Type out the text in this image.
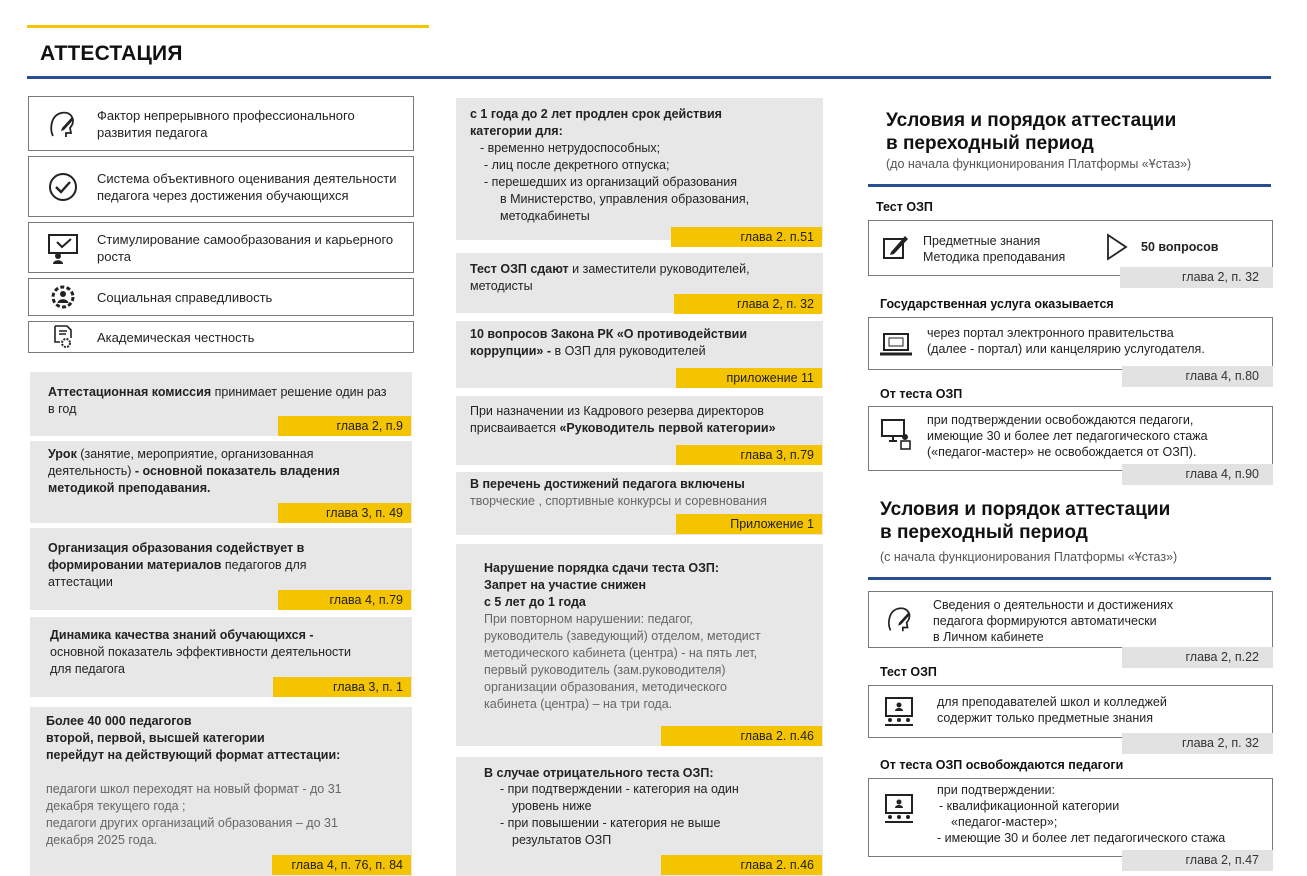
АТТЕСТАЦИЯ
Фактор непрерывного профессионального развития педагога
Система объективного оценивания деятельности педагога через достижения обучающихся
Стимулирование самообразования и карьерного роста
Социальная справедливость
Академическая честность
Аттестационная комиссия принимает решение один раз в год
глава 2, п.9
Урок (занятие, мероприятие, организованная деятельность) - основной показатель владения методикой преподавания.
глава 3, п. 49
Организация образования содействует в формировании материалов педагогов для аттестации
глава 4, п.79
Динамика качества знаний обучающихся - основной показатель эффективности деятельности для педагога
глава 3, п. 1
Более 40 000 педагогов
второй, первой, высшей категории
перейдут на действующий формат аттестации:
педагоги школ переходят на новый формат - до 31
декабря текущего года ;
педагоги других организаций образования – до 31
декабря 2025 года.
глава 4, п. 76, п. 84
с 1 года до 2 лет продлен срок действия
категории для:
- временно нетрудоспособных;
- лиц после декретного отпуска;
- перешедших из организаций образования
в Министерство, управления образования,
методкабинеты
глава 2. п.51
Тест ОЗП сдают и заместители руководителей, методисты
глава 2, п. 32
10 вопросов Закона РК «О противодействии коррупции» - в ОЗП для руководителей
приложение 11
При назначении из Кадрового резерва директоров присваивается «Руководитель первой категории»
глава 3, п.79
В перечень достижений педагога включены
творческие , спортивные конкурсы и соревнования
Приложение 1
Нарушение порядка сдачи теста ОЗП:
Запрет на участие снижен
с 5 лет до 1 года
При повторном нарушении: педагог,
руководитель (заведующий) отделом, методист
методического кабинета (центра) - на пять лет,
первый руководитель (зам.руководителя)
организации образования, методического
кабинета (центра) – на три года.
глава 2. п.46
В случае отрицательного теста ОЗП:
- при подтверждении - категория на один
уровень ниже
- при повышении - категория не выше
результатов ОЗП
глава 2. п.46
Условия и порядок аттестации
в переходный период
(до начала функционирования Платформы «Ұстаз»)
Тест ОЗП
Предметные знания
Методика преподавания
50 вопросов
глава 2, п. 32
Государственная услуга оказывается
через портал электронного правительства
(далее - портал) или канцелярию услугодателя.
глава 4, п.80
От теста ОЗП
при подтверждении освобождаются педагоги,
имеющие 30 и более лет педагогического стажа
(«педагог-мастер» не освобождается от ОЗП).
глава 4, п.90
Условия и порядок аттестации
в переходный период
(с начала функционирования Платформы «Ұстаз»)
Сведения о деятельности и достижениях
педагога формируются автоматически
в Личном кабинете
глава 2, п.22
Тест ОЗП
для преподавателей школ и колледжей
содержит только предметные знания
глава 2, п. 32
От теста ОЗП освобождаются педагоги
при подтверждении:
- квалификационной категории
«педагог-мастер»;
- имеющие 30 и более лет педагогического стажа
глава 2, п.47
